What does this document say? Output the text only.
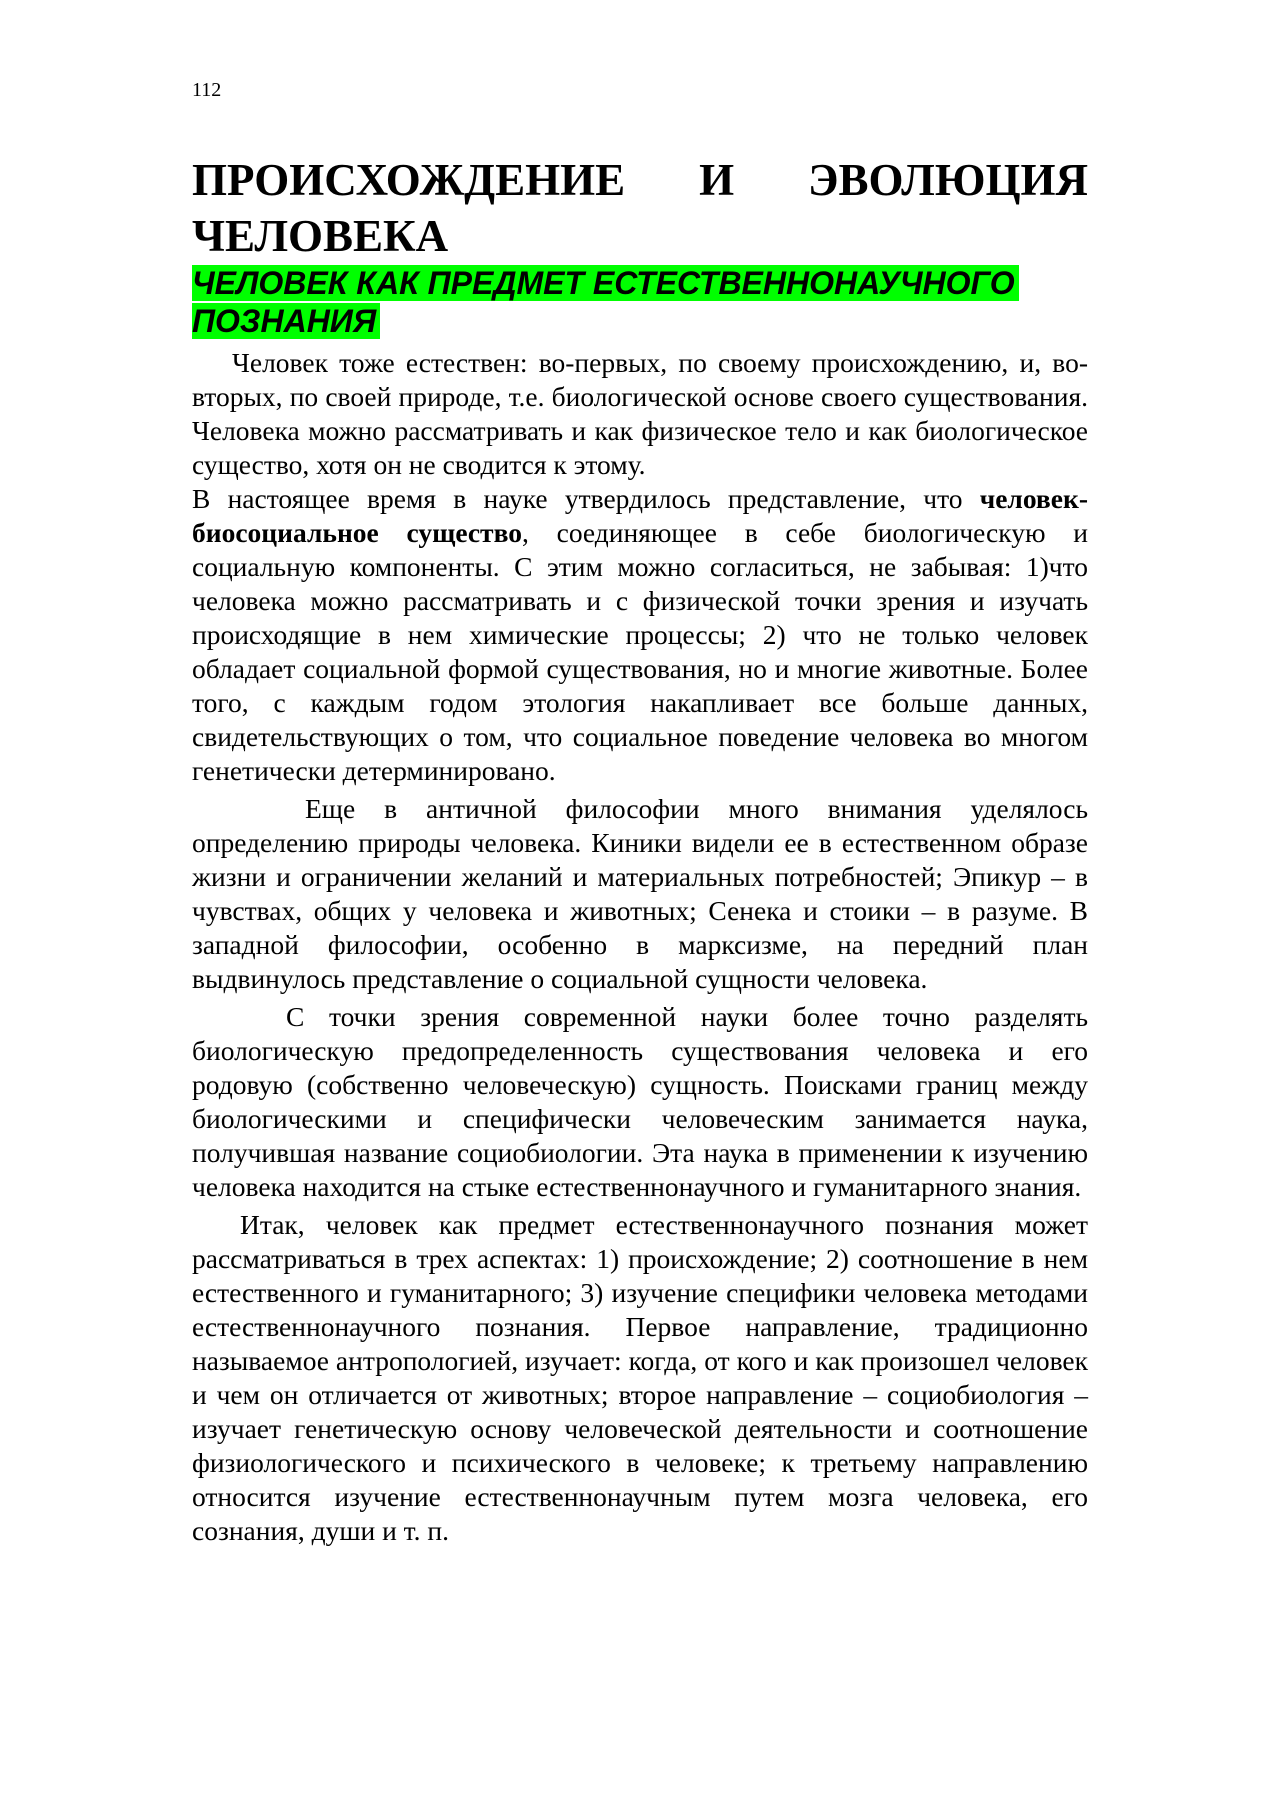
112
ПРОИСХОЖДЕНИЕ И ЭВОЛЮЦИЯ ЧЕЛОВЕКА
ЧЕЛОВЕК КАК ПРЕДМЕТ ЕСТЕСТВЕННОНАУЧНОГО ПОЗНАНИЯ

Человек тоже естествен: во-первых, по своему происхождению, и, во-вторых, по своей природе, т.е. биологической основе своего существования. Человека можно рассматривать и как физическое тело и как биологическое существо, хотя он не сводится к этому.

В настоящее время в науке утвердилось представление, что человек- биосоциальное существо, соединяющее в себе биологическую и социальную компоненты. С этим можно согласиться, не забывая: 1)что человека можно рассматривать и с физической точки зрения и изучать происходящие в нем химические процессы; 2) что не только человек обладает социальной формой существования, но и многие животные. Более того, с каждым годом этология накапливает все больше данных, свидетельствующих о том, что социальное поведение человека во многом генетически детерминировано.

Еще в античной философии много внимания уделялось определению природы человека. Киники видели ее в естественном образе жизни и ограничении желаний и материальных потребностей; Эпикур – в чувствах, общих у человека и животных; Сенека и стоики – в разуме. В западной философии, особенно в марксизме, на передний план выдвинулось представление о социальной сущности человека.

С точки зрения современной науки более точно разделять биологическую предопределенность существования человека и его родовую (собственно человеческую) сущность. Поисками границ между биологическими и специфически человеческим занимается наука, получившая название социобиологии. Эта наука в применении к изучению человека находится на стыке естественнонаучного и гуманитарного знания.

Итак, человек как предмет естественнонаучного познания может рассматриваться в трех аспектах: 1) происхождение; 2) соотношение в нем естественного и гуманитарного; 3) изучение специфики человека методами естественнонаучного познания. Первое направление, традиционно называемое антропологией, изучает: когда, от кого и как произошел человек и чем он отличается от животных; второе направление – социобиология – изучает генетическую основу человеческой деятельности и соотношение физиологического и психического в человеке; к третьему направлению относится изучение естественнонаучным путем мозга человека, его сознания, души и т. п.
